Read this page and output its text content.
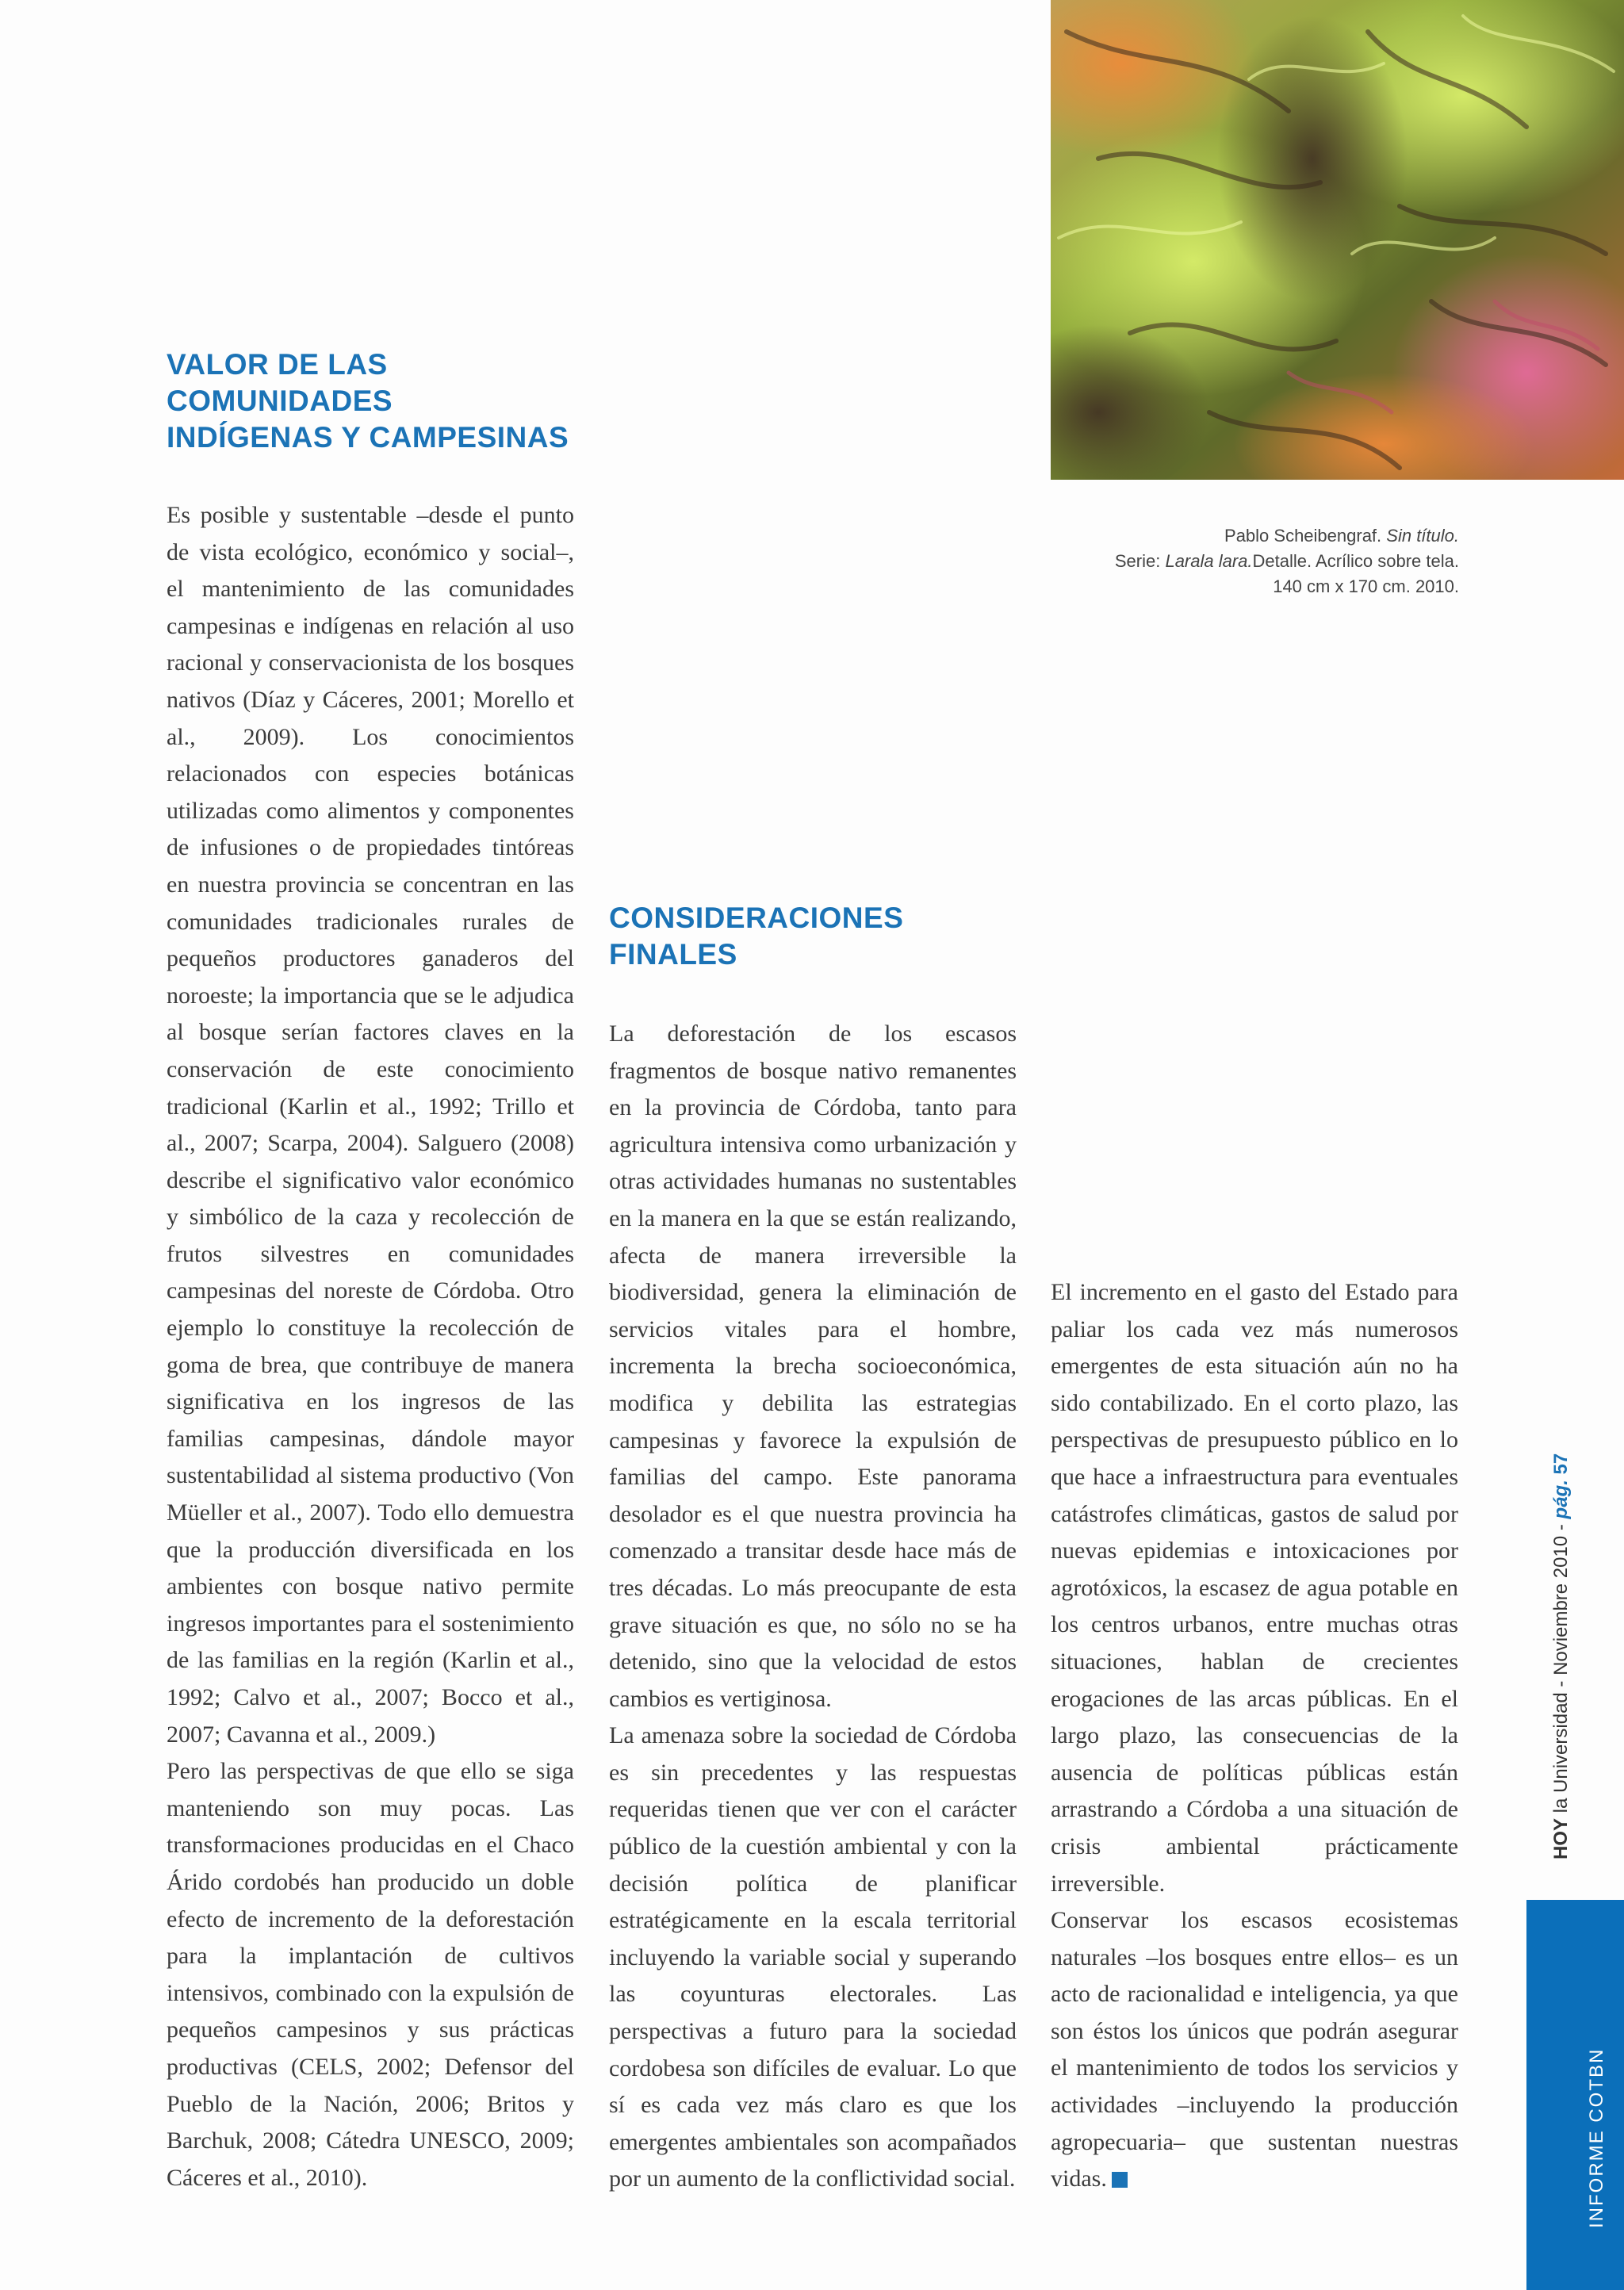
VALOR DE LAS
COMUNIDADES
INDÍGENAS Y CAMPESINAS
CONSIDERACIONES
FINALES

Es posible y sustentable –desde el punto de vista ecológico, económico y social–, el mantenimiento de las comunidades campesinas e indígenas en relación al uso racional y conservacionista de los bosques nativos (Díaz y Cáceres, 2001; Morello et al., 2009). Los conocimientos relacionados con especies botánicas utilizadas como alimentos y componentes de infusiones o de propiedades tintóreas en nuestra provincia se concentran en las comunidades tradicionales rurales de pequeños productores ganaderos del noroeste; la importancia que se le adjudica al bosque serían factores claves en la conservación de este conocimiento tradicional (Karlin et al., 1992; Trillo et al., 2007; Scarpa, 2004). Salguero (2008) describe el significativo valor económico y simbólico de la caza y recolección de frutos silvestres en comunidades campesinas del noreste de Córdoba. Otro ejemplo lo constituye la recolección de goma de brea, que contribuye de manera significativa en los ingresos de las familias campesinas, dándole mayor sustentabilidad al sistema productivo (Von Müeller et al., 2007). Todo ello demuestra que la producción diversificada en los ambientes con bosque nativo permite ingresos importantes para el sostenimiento de las familias en la región (Karlin et al., 1992; Calvo et al., 2007; Bocco et al., 2007; Cavanna et al., 2009.)

Pero las perspectivas de que ello se siga manteniendo son muy pocas. Las transformaciones producidas en el Chaco Árido cordobés han producido un doble efecto de incremento de la deforestación para la implantación de cultivos intensivos, combinado con la expulsión de pequeños campesinos y sus prácticas productivas (CELS, 2002; Defensor del Pueblo de la Nación, 2006; Britos y Barchuk, 2008; Cátedra UNESCO, 2009; Cáceres et al., 2010).

La deforestación de los escasos fragmentos de bosque nativo remanentes en la provincia de Córdoba, tanto para agricultura intensiva como urbanización y otras actividades humanas no sustentables en la manera en la que se están realizando, afecta de manera irreversible la biodiversidad, genera la eliminación de servicios vitales para el hombre, incrementa la brecha socioeconómica, modifica y debilita las estrategias campesinas y favorece la expulsión de familias del campo. Este panorama desolador es el que nuestra provincia ha comenzado a transitar desde hace más de tres décadas. Lo más preocupante de esta grave situación es que, no sólo no se ha detenido, sino que la velocidad de estos cambios es vertiginosa.

La amenaza sobre la sociedad de Córdoba es sin precedentes y las respuestas requeridas tienen que ver con el carácter público de la cuestión ambiental y con la decisión política de planificar estratégicamente en la escala territorial incluyendo la variable social y superando las coyunturas electorales. Las perspectivas a futuro para la sociedad cordobesa son difíciles de evaluar. Lo que sí es cada vez más claro es que los emergentes ambientales son acompañados por un aumento de la conflictividad social.

El incremento en el gasto del Estado para paliar los cada vez más numerosos emergentes de esta situación aún no ha sido contabilizado. En el corto plazo, las perspectivas de presupuesto público en lo que hace a infraestructura para eventuales catástrofes climáticas, gastos de salud por nuevas epidemias e intoxicaciones por agrotóxicos, la escasez de agua potable en los centros urbanos, entre muchas otras situaciones, hablan de crecientes erogaciones de las arcas públicas. En el largo plazo, las consecuencias de la ausencia de políticas públicas están arrastrando a Córdoba a una situación de crisis ambiental prácticamente irreversible.

Conservar los escasos ecosistemas naturales –los bosques entre ellos– es un acto de racionalidad e inteligencia, ya que son éstos los únicos que podrán asegurar el mantenimiento de todos los servicios y actividades –incluyendo la producción agropecuaria– que sustentan nuestras vidas.

Pablo Scheibengraf. Sin título.

Serie: Larala lara.Detalle. Acrílico sobre tela.

140 cm x 170 cm. 2010.

HOY la Universidad - Noviembre 2010 - pág. 57
INFORME COTBN
